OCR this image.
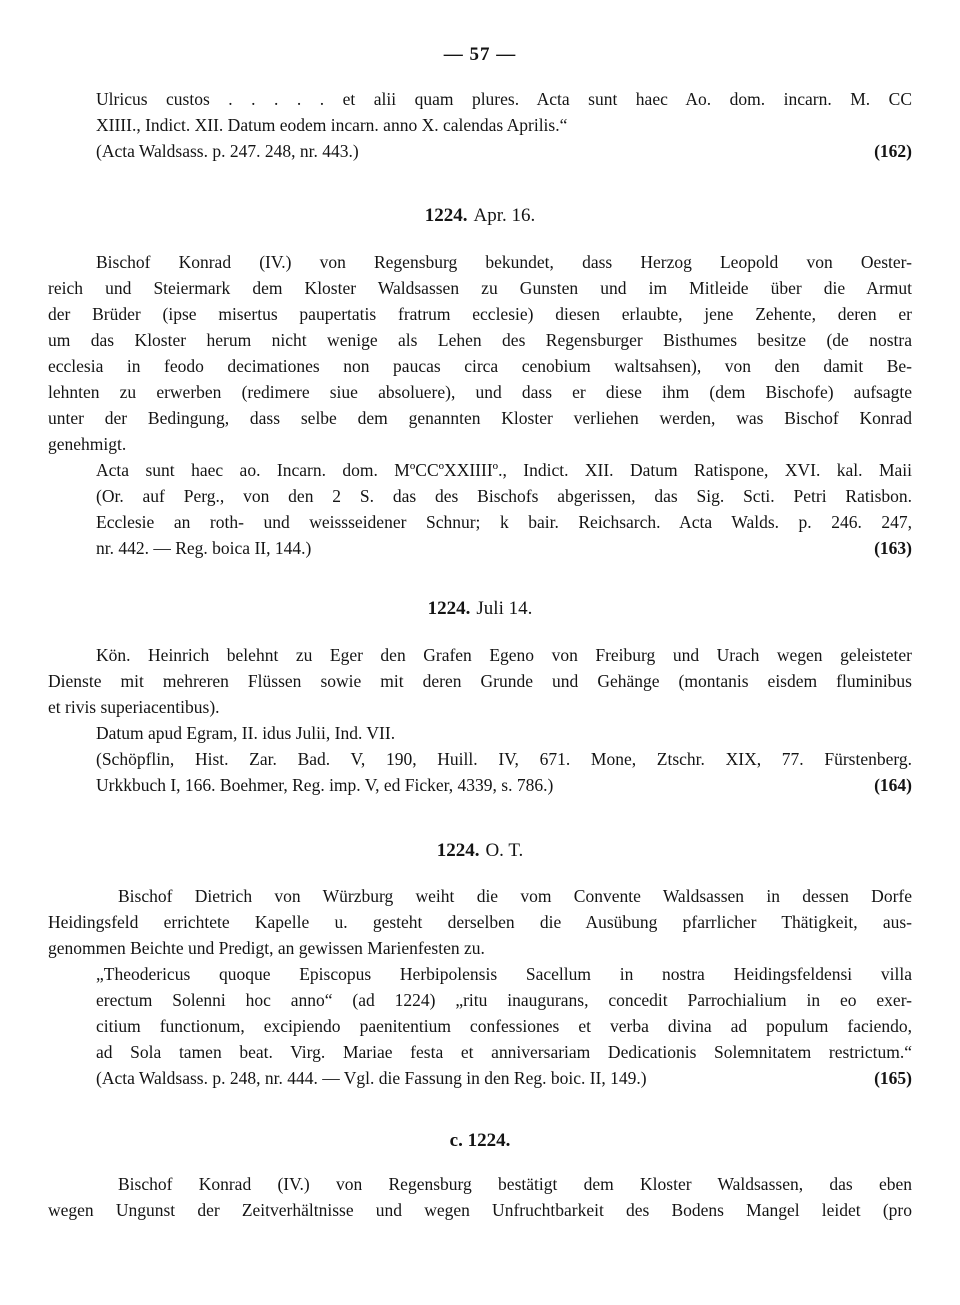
— 57 —
Ulricus custos . . . . . et alii quam plures. Acta sunt haec Ao. dom. incarn. M. CC
XIIII., Indict. XII. Datum eodem incarn. anno X. calendas Aprilis.“
(Acta Waldsass. p. 247. 248, nr. 443.)	(162)
1224. Apr. 16.
Bischof Konrad (IV.) von Regensburg bekundet, dass Herzog Leopold von Oester-
reich und Steiermark dem Kloster Waldsassen zu Gunsten und im Mitleide über die Armut
der Brüder (ipse misertus paupertatis fratrum ecclesie) diesen erlaubte, jene Zehente, deren er
um das Kloster herum nicht wenige als Lehen des Regensburger Bisthumes besitze (de nostra
ecclesia in feodo decimationes non paucas circa cenobium waltsahsen), von den damit Be-
lehnten zu erwerben (redimere siue absoluere), und dass er diese ihm (dem Bischofe) aufsagte
unter der Bedingung, dass selbe dem genannten Kloster verliehen werden, was Bischof Konrad
genehmigt.
Acta sunt haec ao. Incarn. dom. MºCCºXXIIIIº., Indict. XII. Datum Ratispone, XVI. kal. Maii
(Or. auf Perg., von den 2 S. das des Bischofs abgerissen, das Sig. Scti. Petri Ratisbon.
Ecclesie an roth- und weissseidener Schnur; k bair. Reichsarch. Acta Walds. p. 246. 247,
nr. 442. — Reg. boica II, 144.)	(163)
1224. Juli 14.
Kön. Heinrich belehnt zu Eger den Grafen Egeno von Freiburg und Urach wegen geleisteter
Dienste mit mehreren Flüssen sowie mit deren Grunde und Gehänge (montanis eisdem fluminibus
et rivis superiacentibus).
Datum apud Egram, II. idus Julii, Ind. VII.
(Schöpflin, Hist. Zar. Bad. V, 190, Huill. IV, 671. Mone, Ztschr. XIX, 77. Fürstenberg.
Urkkbuch I, 166. Boehmer, Reg. imp. V, ed Ficker, 4339, s. 786.)	(164)
1224. O. T.
Bischof Dietrich von Würzburg weiht die vom Convente Waldsassen in dessen Dorfe
Heidingsfeld errichtete Kapelle u. gesteht derselben die Ausübung pfarrlicher Thätigkeit, aus-
genommen Beichte und Predigt, an gewissen Marienfesten zu.
„Theodericus quoque Episcopus Herbipolensis Sacellum in nostra Heidingsfeldensi villa
erectum Solenni hoc anno“ (ad 1224) „ritu inaugurans, concedit Parrochialium in eo exer-
citium functionum, excipiendo paenitentium confessiones et verba divina ad populum faciendo,
ad Sola tamen beat. Virg. Mariae festa et anniversariam Dedicationis Solemnitatem restrictum.“
(Acta Waldsass. p. 248, nr. 444. — Vgl. die Fassung in den Reg. boic. II, 149.)	(165)
c. 1224.
Bischof Konrad (IV.) von Regensburg bestätigt dem Kloster Waldsassen, das eben
wegen Ungunst der Zeitverhältnisse und wegen Unfruchtbarkeit des Bodens Mangel leidet (pro
